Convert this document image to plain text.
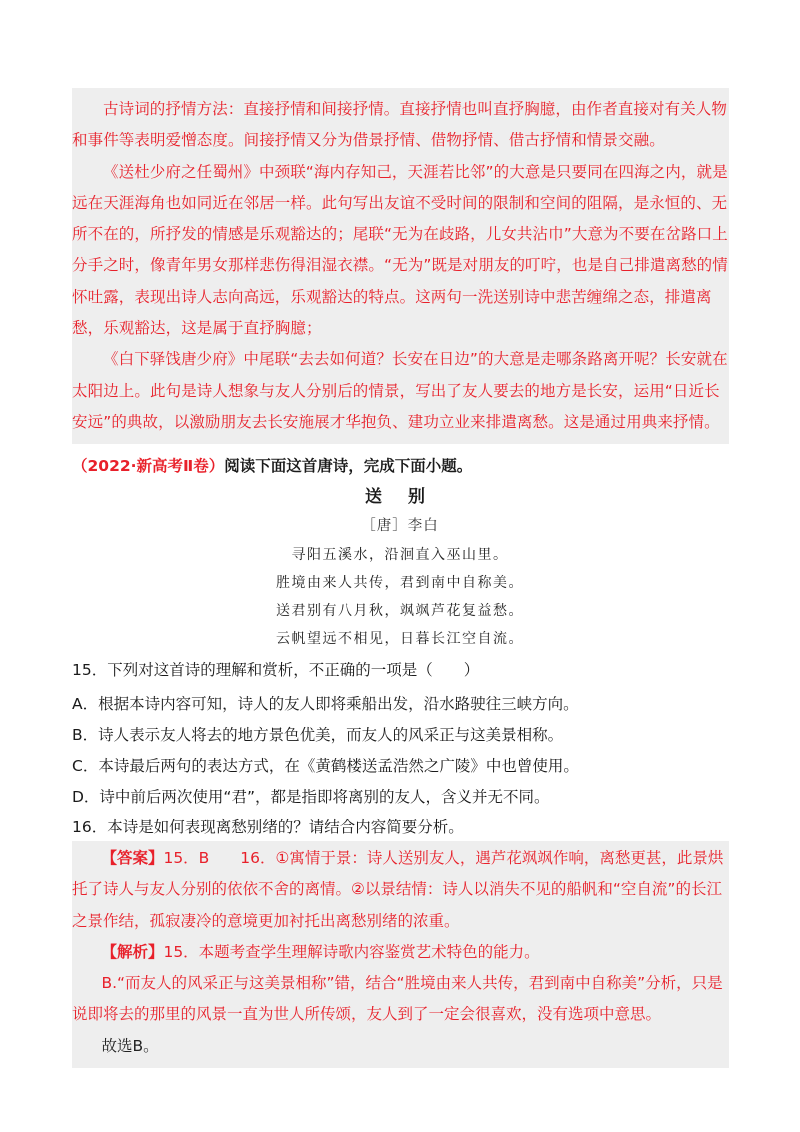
古诗词的抒情方法：直接抒情和间接抒情。直接抒情也叫直抒胸臆，由作者直接对有关人物和事件等表明爱憎态度。间接抒情又分为借景抒情、借物抒情、借古抒情和情景交融。

《送杜少府之任蜀州》中颈联“海内存知己，天涯若比邻”的大意是只要同在四海之内，就是远在天涯海角也如同近在邻居一样。此句写出友谊不受时间的限制和空间的阻隔，是永恒的、无所不在的，所抒发的情感是乐观豁达的；尾联“无为在歧路，儿女共沾巾”大意为不要在岔路口上分手之时，像青年男女那样悲伤得泪湿衣襟。“无为”既是对朋友的叮咛，也是自己排遣离愁的情怀吐露，表现出诗人志向高远，乐观豁达的特点。这两句一洗送别诗中悲苦缠绵之态，排遣离愁，乐观豁达，这是属于直抒胸臆；

《白下驿饯唐少府》中尾联“去去如何道？长安在日边”的大意是走哪条路离开呢？长安就在太阳边上。此句是诗人想象与友人分别后的情景，写出了友人要去的地方是长安，运用“日近长安远”的典故，以激励朋友去长安施展才华抱负、建功立业来排遣离愁。这是通过用典来抒情。

（2022·新高考Ⅱ卷）阅读下面这首唐诗，完成下面小题。
送 别
［唐］李白
寻阳五溪水，沿洄直入巫山里。
胜境由来人共传，君到南中自称美。
送君别有八月秋，飒飒芦花复益愁。
云帆望远不相见，日暮长江空自流。
15．下列对这首诗的理解和赏析，不正确的一项是（　　）
A．根据本诗内容可知，诗人的友人即将乘船出发，沿水路驶往三峡方向。
B．诗人表示友人将去的地方景色优美，而友人的风采正与这美景相称。
C．本诗最后两句的表达方式，在《黄鹤楼送孟浩然之广陵》中也曾使用。
D．诗中前后两次使用“君”，都是指即将离别的友人，含义并无不同。
16．本诗是如何表现离愁别绪的？请结合内容简要分析。

【答案】15．B　　16．①寓情于景：诗人送别友人，遇芦花飒飒作响，离愁更甚，此景烘托了诗人与友人分别的依依不舍的离情。②以景结情：诗人以消失不见的船帆和“空自流”的长江之景作结，孤寂凄冷的意境更加衬托出离愁别绪的浓重。

【解析】15．本题考查学生理解诗歌内容鉴赏艺术特色的能力。

B.“而友人的风采正与这美景相称”错，结合“胜境由来人共传，君到南中自称美”分析，只是说即将去的那里的风景一直为世人所传颂，友人到了一定会很喜欢，没有选项中意思。

故选B。
